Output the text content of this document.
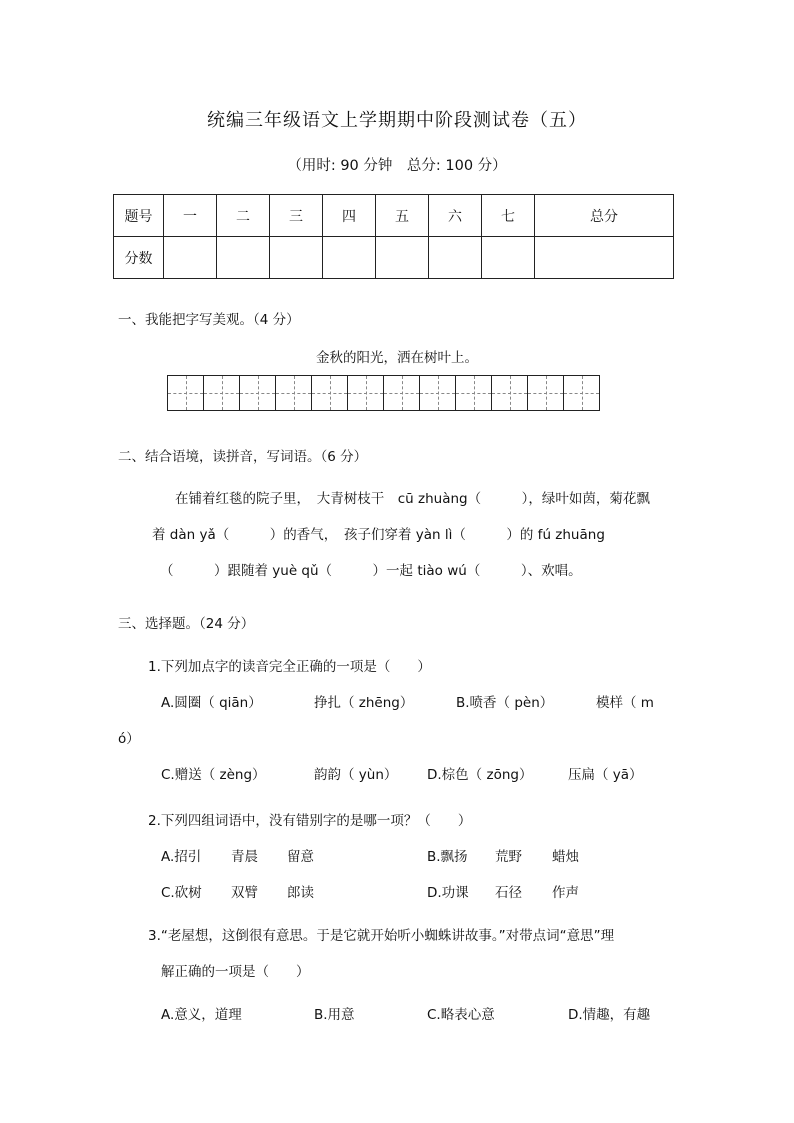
统编三年级语文上学期期中阶段测试卷（五）
（用时: 90 分钟　总分: 100 分）
题号	一	二	三	四	五	六	七	总分
分数								
一、我能把字写美观。（4 分）
金秋的阳光，洒在树叶上。
二、结合语境，读拼音，写词语。（6 分）
在铺着红毯的院子里，　大青树枝干　cū zhuàng（　　　），绿叶如茵，菊花飘
着 dàn yǎ（　　　）的香气，　孩子们穿着 yàn lì（　　　）的 fú zhuāng
（　　　）跟随着 yuè qǔ（　　　）一起 tiào wú（　　　）、欢唱。
三、选择题。（24 分）
1.下列加点字的读音完全正确的一项是（　　）
A.圆圈（ qiān）	挣扎（ zhēng）	B.喷香（ pèn）	模样（ m
ó）
C.赠送（ zèng）	韵韵（ yùn） D.棕色（ zōng）	压扁（ yā）
2.下列四组词语中，没有错别字的是哪一项？（　　）
A.招引 青晨 留意	B.飘扬 荒野 蜡烛
C.砍树 双臂 郎读	D.功课 石径 作声
3.“老屋想，这倒很有意思。于是它就开始听小蜘蛛讲故事。”对带点词“意思”理
解正确的一项是（　　）
A.意义，道理	B.用意	C.略表心意	D.情趣，有趣
